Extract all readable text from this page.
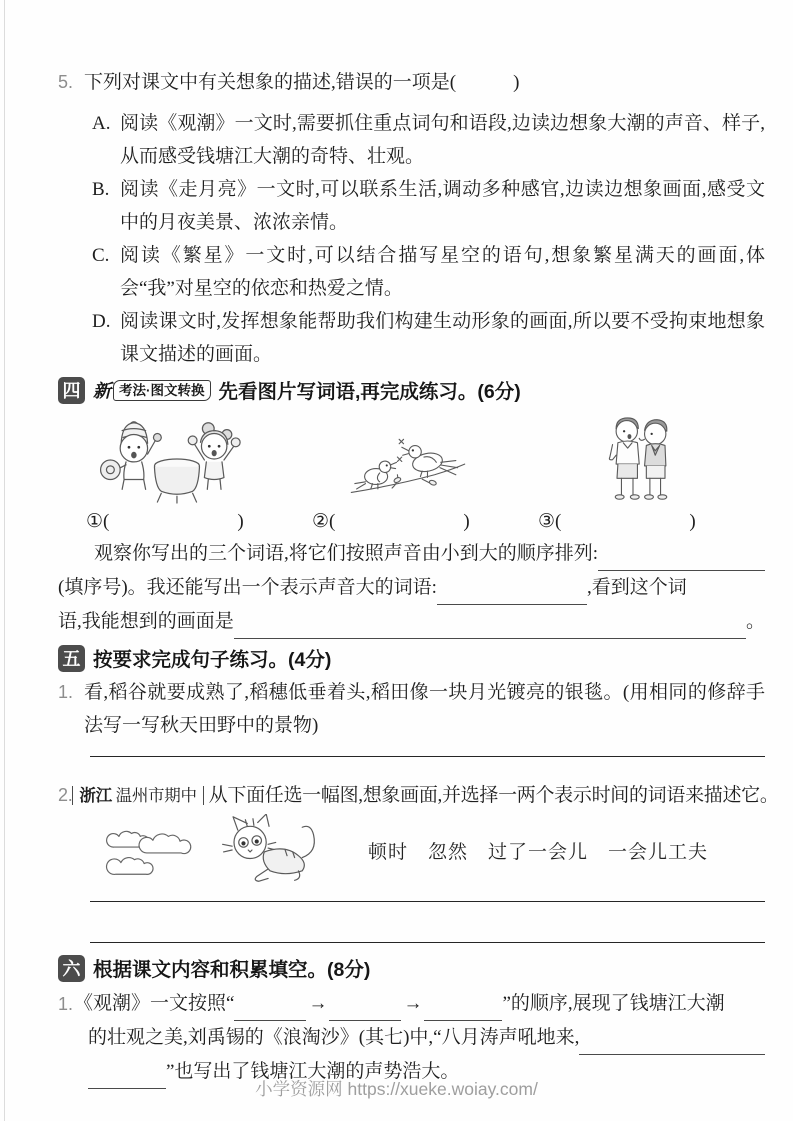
5. 下列对课文中有关想象的描述,错误的一项是(　　　)
A. 阅读《观潮》一文时,需要抓住重点词句和语段,边读边想象大潮的声音、样子,从而感受钱塘江大潮的奇特、壮观。
B. 阅读《走月亮》一文时,可以联系生活,调动多种感官,边读边想象画面,感受文中的月夜美景、浓浓亲情。
C. 阅读《繁星》一文时,可以结合描写星空的语句,想象繁星满天的画面,体会“我”对星空的依恋和热爱之情。
D. 阅读课文时,发挥想象能帮助我们构建生动形象的画面,所以要不受拘束地想象课文描述的画面。
四 新 考法·图文转换 先看图片写词语,再完成练习。(6分)
①(	)	②(	)	③(	)
观察你写出的三个词语,将它们按照声音由小到大的顺序排列:
(填序号)。我还能写出一个表示声音大的词语:	,看到这个词
语,我能想到的画面是	。
五 按要求完成句子练习。(4分)
1. 看,稻谷就要成熟了,稻穗低垂着头,稻田像一块月光镀亮的银毯。(用相同的修辞手法写一写秋天田野中的景物)
2. 浙江 温州市期中 从下面任选一幅图,想象画面,并选择一两个表示时间的词语来描述它。
顿时　忽然　过了一会儿　一会儿工夫
六 根据课文内容和积累填空。(8分)
1. 《观潮》一文按照“	→	→	”的顺序,展现了钱塘江大潮
的壮观之美,刘禹锡的《浪淘沙》(其七)中,“八月涛声吼地来,
”也写出了钱塘江大潮的声势浩大。
小学资源网 https://xueke.woiay.com/
